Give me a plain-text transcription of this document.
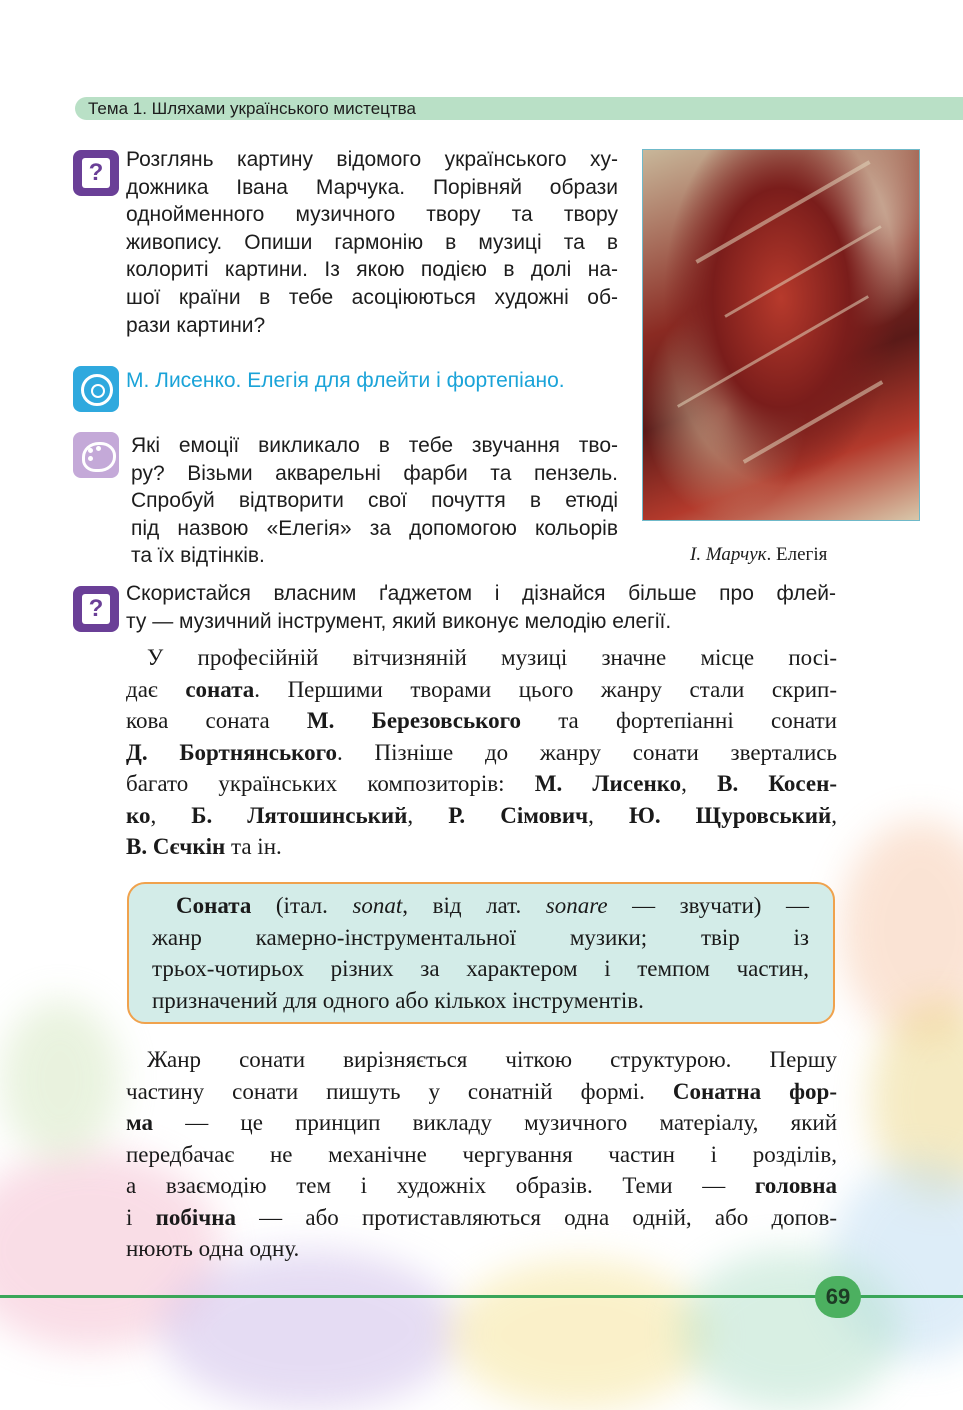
Тема 1. Шляхами українського мистецтва
?	Розглянь картину відомого українського ху-
дожника Івана Марчука. Порівняй образи
однойменного музичного твору та твору
живопису. Опиши гармонію в музиці та в
колориті картини. Із якою подією в долі на-
шої країни в тебе асоціюються художні об-
рази картини?
М. Лисенко. Елегія для флейти і фортепіано.
Які емоції викликало в тебе звучання тво-
ру? Візьми акварельні фарби та пензель.
Спробуй відтворити свої почуття в етюді
під назвою «Елегія» за допомогою кольорів
та їх відтінків.	І. Марчук. Елегія
?
Скористайся власним ґаджетом і дізнайся більше про флей-
ту — музичний інструмент, який виконує мелодію елегії.
У професійній вітчизняній музиці значне місце посі-
дає соната. Першими творами цього жанру стали скрип-
кова соната М. Березовського та фортепіанні сонати
Д. Бортнянського. Пізніше до жанру сонати звертались
багато українських композиторів: М. Лисенко, В. Косен-
ко, Б. Лятошинський, Р. Сімович, Ю. Щуровський,
В. Сєчкін та ін.
Соната (італ. sonat, від лат. sonare — звучати) —
жанр камерно-інструментальної музики; твір із
трьох-чотирьох різних за характером і темпом частин,
призначений для одного або кількох інструментів.
Жанр сонати вирізняється чіткою структурою. Першу
частину сонати пишуть у сонатній формі. Сонатна фор-
ма — це принцип викладу музичного матеріалу, який
передбачає не механічне чергування частин і розділів,
а взаємодію тем і художніх образів. Теми — головна
і побічна — або протиставляються одна одній, або допов-
нюють одна одну.
69
